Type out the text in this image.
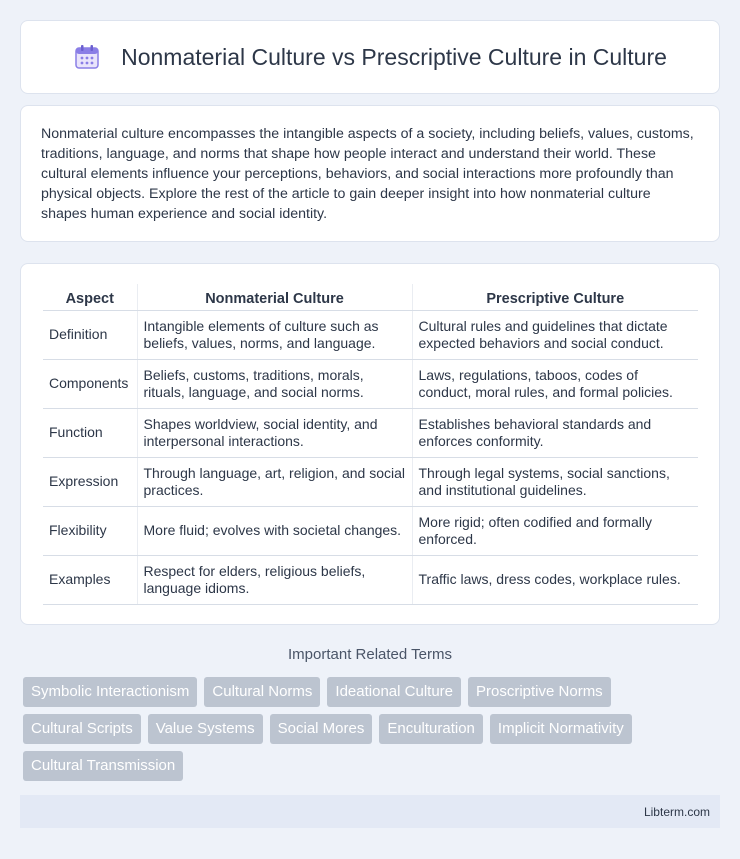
Nonmaterial Culture vs Prescriptive Culture in Culture

Nonmaterial culture encompasses the intangible aspects of a society, including beliefs, values, customs, traditions, language, and norms that shape how people interact and understand their world. These cultural elements influence your perceptions, behaviors, and social interactions more profoundly than physical objects. Explore the rest of the article to gain deeper insight into how nonmaterial culture shapes human experience and social identity.

Aspect	Nonmaterial Culture	Prescriptive Culture
Definition	Intangible elements of culture such as beliefs, values, norms, and language.	Cultural rules and guidelines that dictate expected behaviors and social conduct.
Components	Beliefs, customs, traditions, morals, rituals, language, and social norms.	Laws, regulations, taboos, codes of conduct, moral rules, and formal policies.
Function	Shapes worldview, social identity, and interpersonal interactions.	Establishes behavioral standards and enforces conformity.
Expression	Through language, art, religion, and social practices.	Through legal systems, social sanctions, and institutional guidelines.
Flexibility	More fluid; evolves with societal changes.	More rigid; often codified and formally enforced.
Examples	Respect for elders, religious beliefs, language idioms.	Traffic laws, dress codes, workplace rules.
Important Related Terms
Symbolic Interactionism	Cultural Norms	Ideational Culture	Proscriptive Norms
Cultural Scripts	Value Systems	Social Mores	Enculturation	Implicit Normativity
Cultural Transmission
Libterm.com
